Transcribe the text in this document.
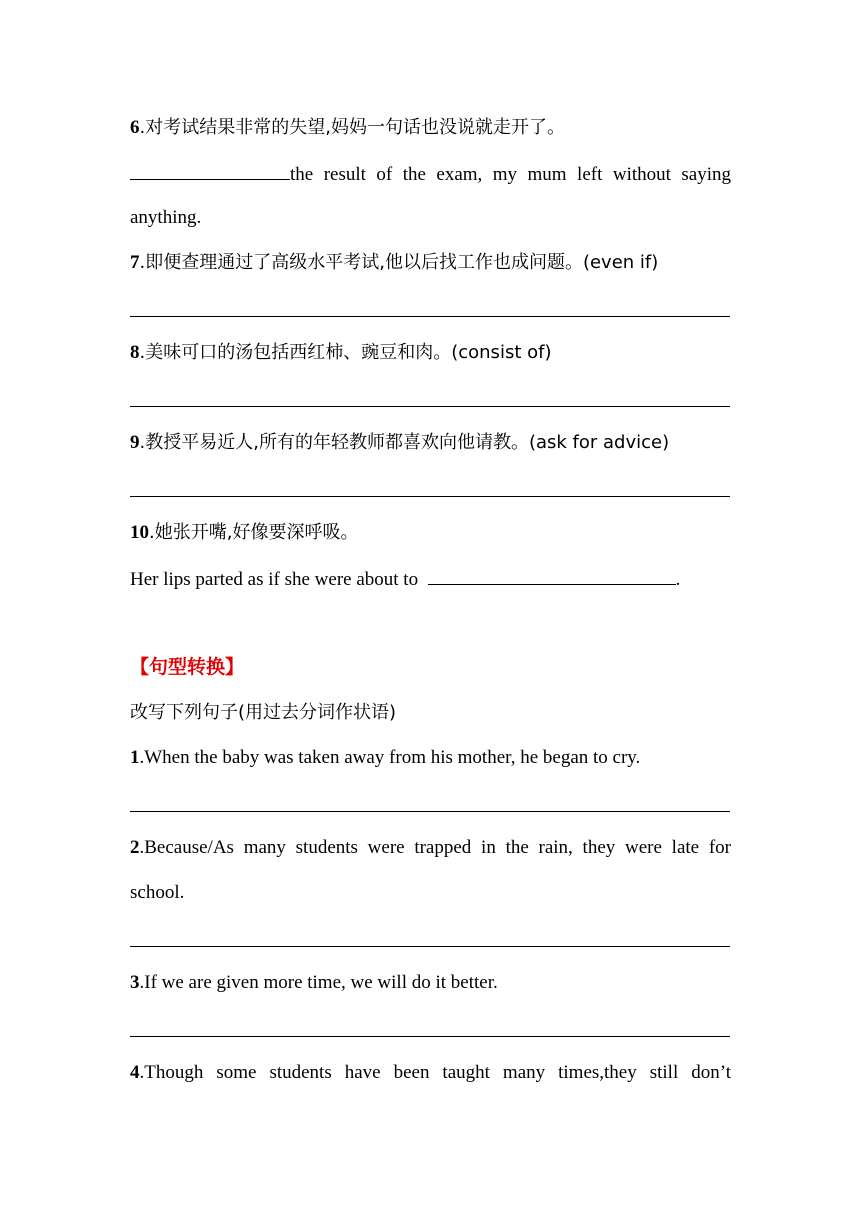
6.对考试结果非常的失望,妈妈一句话也没说就走开了。
the result of the exam, my mum left without saying
anything.
7.即便查理通过了高级水平考试,他以后找工作也成问题。(even if)
8.美味可口的汤包括西红柿、豌豆和肉。(consist of)
9.教授平易近人,所有的年轻教师都喜欢向他请教。(ask for advice)
10.她张开嘴,好像要深呼吸。
Her lips parted as if she were about to	.
【句型转换】
改写下列句子(用过去分词作状语)
1.When the baby was taken away from his mother, he began to cry.
2.Because/As many students were trapped in the rain, they were late for
school.
3.If we are given more time, we will do it better.
4.Though some students have been taught many times,they still don’t
